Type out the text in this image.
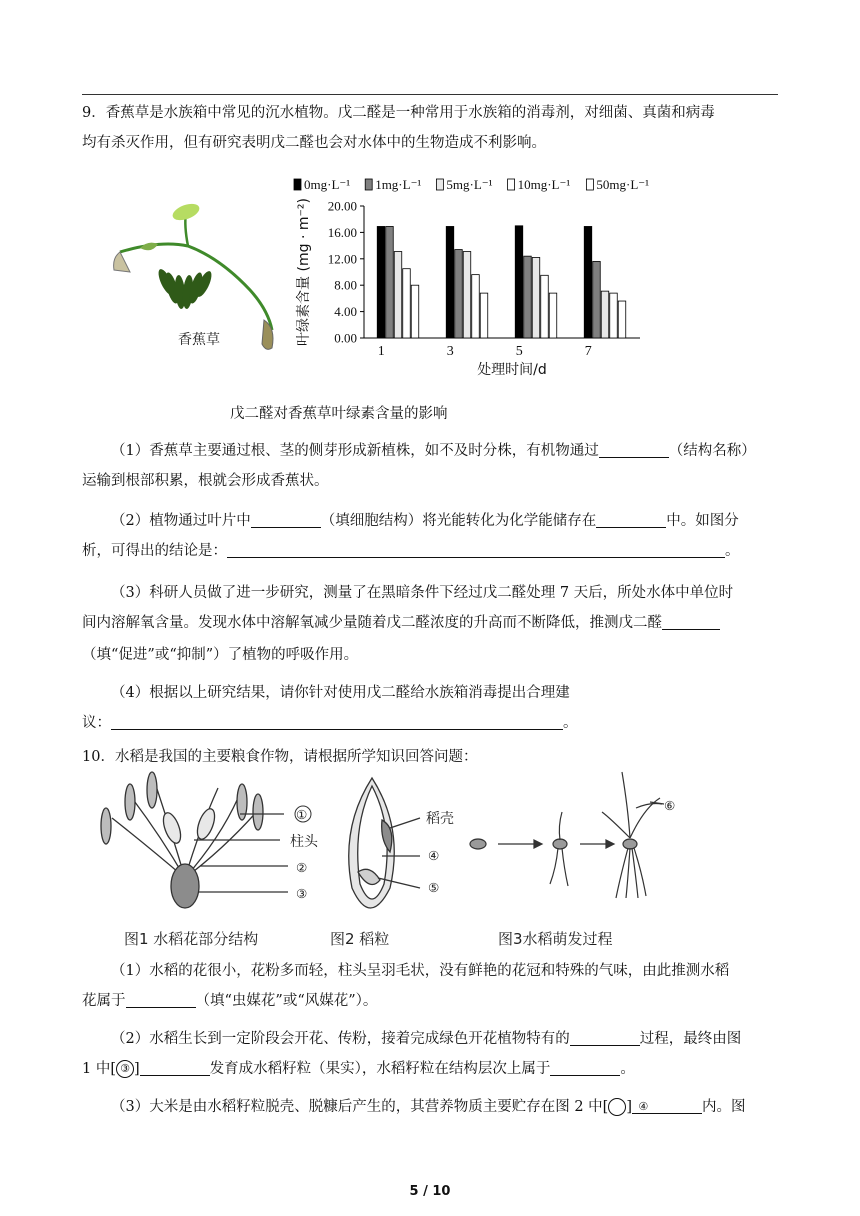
9．香蕉草是水族箱中常见的沉水植物。戊二醛是一种常用于水族箱的消毒剂，对细菌、真菌和病毒
均有杀灭作用，但有研究表明戊二醛也会对水体中的生物造成不利影响。
香蕉草
0mg·L⁻¹ 1mg·L⁻¹ 5mg·L⁻¹ 10mg·L⁻¹ 50mg·L⁻¹
20.00
16.00
12.00
8.00
4.00
0.00
叶绿素含量 (mg · m⁻²)
1	3	5	7
处理时间/d
戊二醛对香蕉草叶绿素含量的影响
（1）香蕉草主要通过根、茎的侧芽形成新植株，如不及时分株，有机物通过	（结构名称）
运输到根部积累，根就会形成香蕉状。
（2）植物通过叶片中	（填细胞结构）将光能转化为化学能储存在	中。如图分
析，可得出的结论是：	。
（3）科研人员做了进一步研究，测量了在黑暗条件下经过戊二醛处理 7 天后，所处水体中单位时
间内溶解氧含量。发现水体中溶解氧减少量随着戊二醛浓度的升高而不断降低，推测戊二醛
（填“促进”或“抑制”）了植物的呼吸作用。
（4）根据以上研究结果，请你针对使用戊二醛给水族箱消毒提出合理建
议：	。
10．水稻是我国的主要粮食作物，请根据所学知识回答问题：
①
柱头
②
③
稻壳
④
⑤
⑥
图1 水稻花部分结构	图2 稻粒	图3水稻萌发过程
（1）水稻的花很小，花粉多而轻，柱头呈羽毛状，没有鲜艳的花冠和特殊的气味，由此推测水稻
花属于	（填“虫媒花”或“风媒花”）。
（2）水稻生长到一定阶段会开花、传粉，接着完成绿色开花植物特有的	过程，最终由图
1 中[ ③ ]	发育成水稻籽粒（果实），水稻籽粒在结构层次上属于	。
（3）大米是由水稻籽粒脱壳、脱糠后产生的，其营养物质主要贮存在图 2 中[	④]	内。图
5 / 10
